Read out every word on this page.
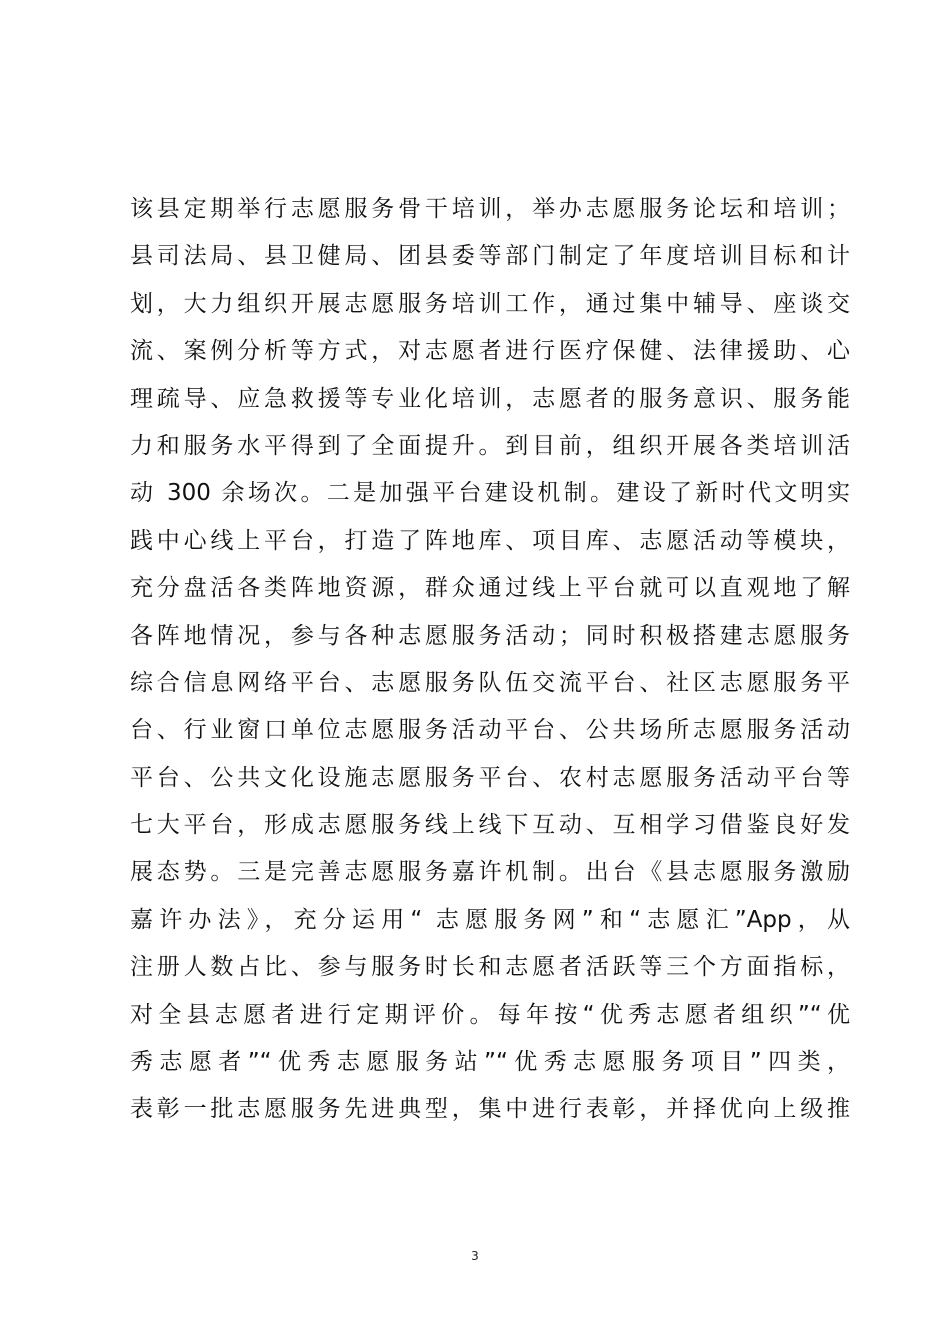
该县定期举行志愿服务骨干培训，举办志愿服务论坛和培训；
县司法局、县卫健局、团县委等部门制定了年度培训目标和计
划，大力组织开展志愿服务培训工作，通过集中辅导、座谈交
流、案例分析等方式，对志愿者进行医疗保健、法律援助、心
理疏导、应急救援等专业化培训，志愿者的服务意识、服务能
力和服务水平得到了全面提升。到目前，组织开展各类培训活
动 300 余场次。二是加强平台建设机制。建设了新时代文明实
践中心线上平台，打造了阵地库、项目库、志愿活动等模块，
充分盘活各类阵地资源，群众通过线上平台就可以直观地了解
各阵地情况，参与各种志愿服务活动；同时积极搭建志愿服务
综合信息网络平台、志愿服务队伍交流平台、社区志愿服务平
台、行业窗口单位志愿服务活动平台、公共场所志愿服务活动
平台、公共文化设施志愿服务平台、农村志愿服务活动平台等
七大平台，形成志愿服务线上线下互动、互相学习借鉴良好发
展态势。三是完善志愿服务嘉许机制。出台《县志愿服务激励
嘉许办法》，充分运用“ 志愿服务网”和“志愿汇”App，从
注册人数占比、参与服务时长和志愿者活跃等三个方面指标，
对全县志愿者进行定期评价。每年按“优秀志愿者组织”“优
秀志愿者”“优秀志愿服务站”“优秀志愿服务项目”四类，
表彰一批志愿服务先进典型，集中进行表彰，并择优向上级推
3
